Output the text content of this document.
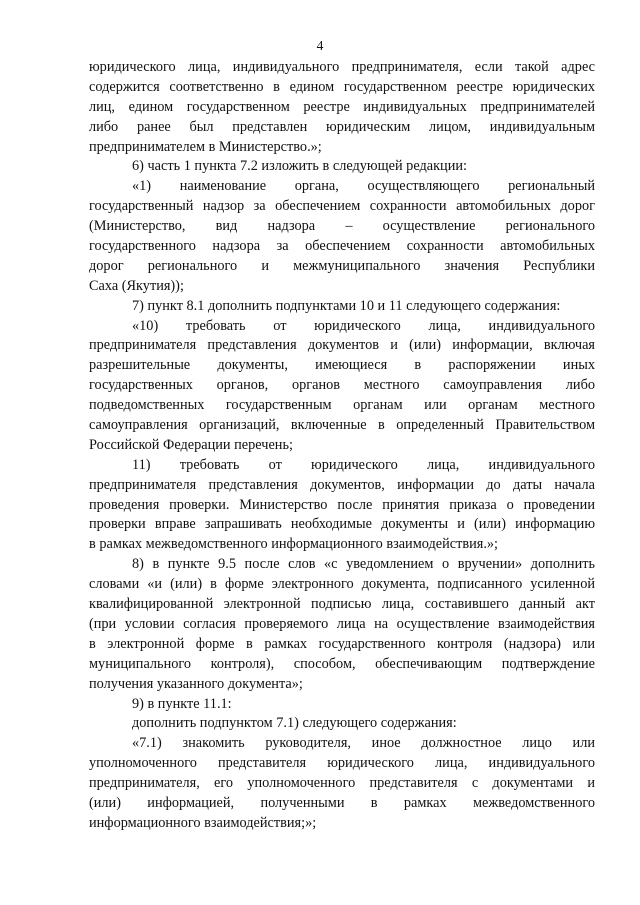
4
юридического лица, индивидуального предпринимателя, если такой адрес
содержится соответственно в едином государственном реестре юридических
лиц, едином государственном реестре индивидуальных предпринимателей
либо ранее был представлен юридическим лицом, индивидуальным
предпринимателем в Министерство.»;
6) часть 1 пункта 7.2 изложить в следующей редакции:
«1) наименование органа, осуществляющего региональный
государственный надзор за обеспечением сохранности автомобильных дорог
(Министерство, вид надзора – осуществление регионального
государственного надзора за обеспечением сохранности автомобильных
дорог регионального и межмуниципального значения Республики
Саха (Якутия));
7) пункт 8.1 дополнить подпунктами 10 и 11 следующего содержания:
«10) требовать от юридического лица, индивидуального
предпринимателя представления документов и (или) информации, включая
разрешительные документы, имеющиеся в распоряжении иных
государственных органов, органов местного самоуправления либо
подведомственных государственным органам или органам местного
самоуправления организаций, включенные в определенный Правительством
Российской Федерации перечень;
11) требовать от юридического лица, индивидуального
предпринимателя представления документов, информации до даты начала
проведения проверки. Министерство после принятия приказа о проведении
проверки вправе запрашивать необходимые документы и (или) информацию
в рамках межведомственного информационного взаимодействия.»;
8) в пункте 9.5 после слов «с уведомлением о вручении» дополнить
словами «и (или) в форме электронного документа, подписанного усиленной
квалифицированной электронной подписью лица, составившего данный акт
(при условии согласия проверяемого лица на осуществление взаимодействия
в электронной форме в рамках государственного контроля (надзора) или
муниципального контроля), способом, обеспечивающим подтверждение
получения указанного документа»;
9) в пункте 11.1:
дополнить подпунктом 7.1) следующего содержания:
«7.1) знакомить руководителя, иное должностное лицо или
уполномоченного представителя юридического лица, индивидуального
предпринимателя, его уполномоченного представителя с документами и
(или) информацией, полученными в рамках межведомственного
информационного взаимодействия;»;
